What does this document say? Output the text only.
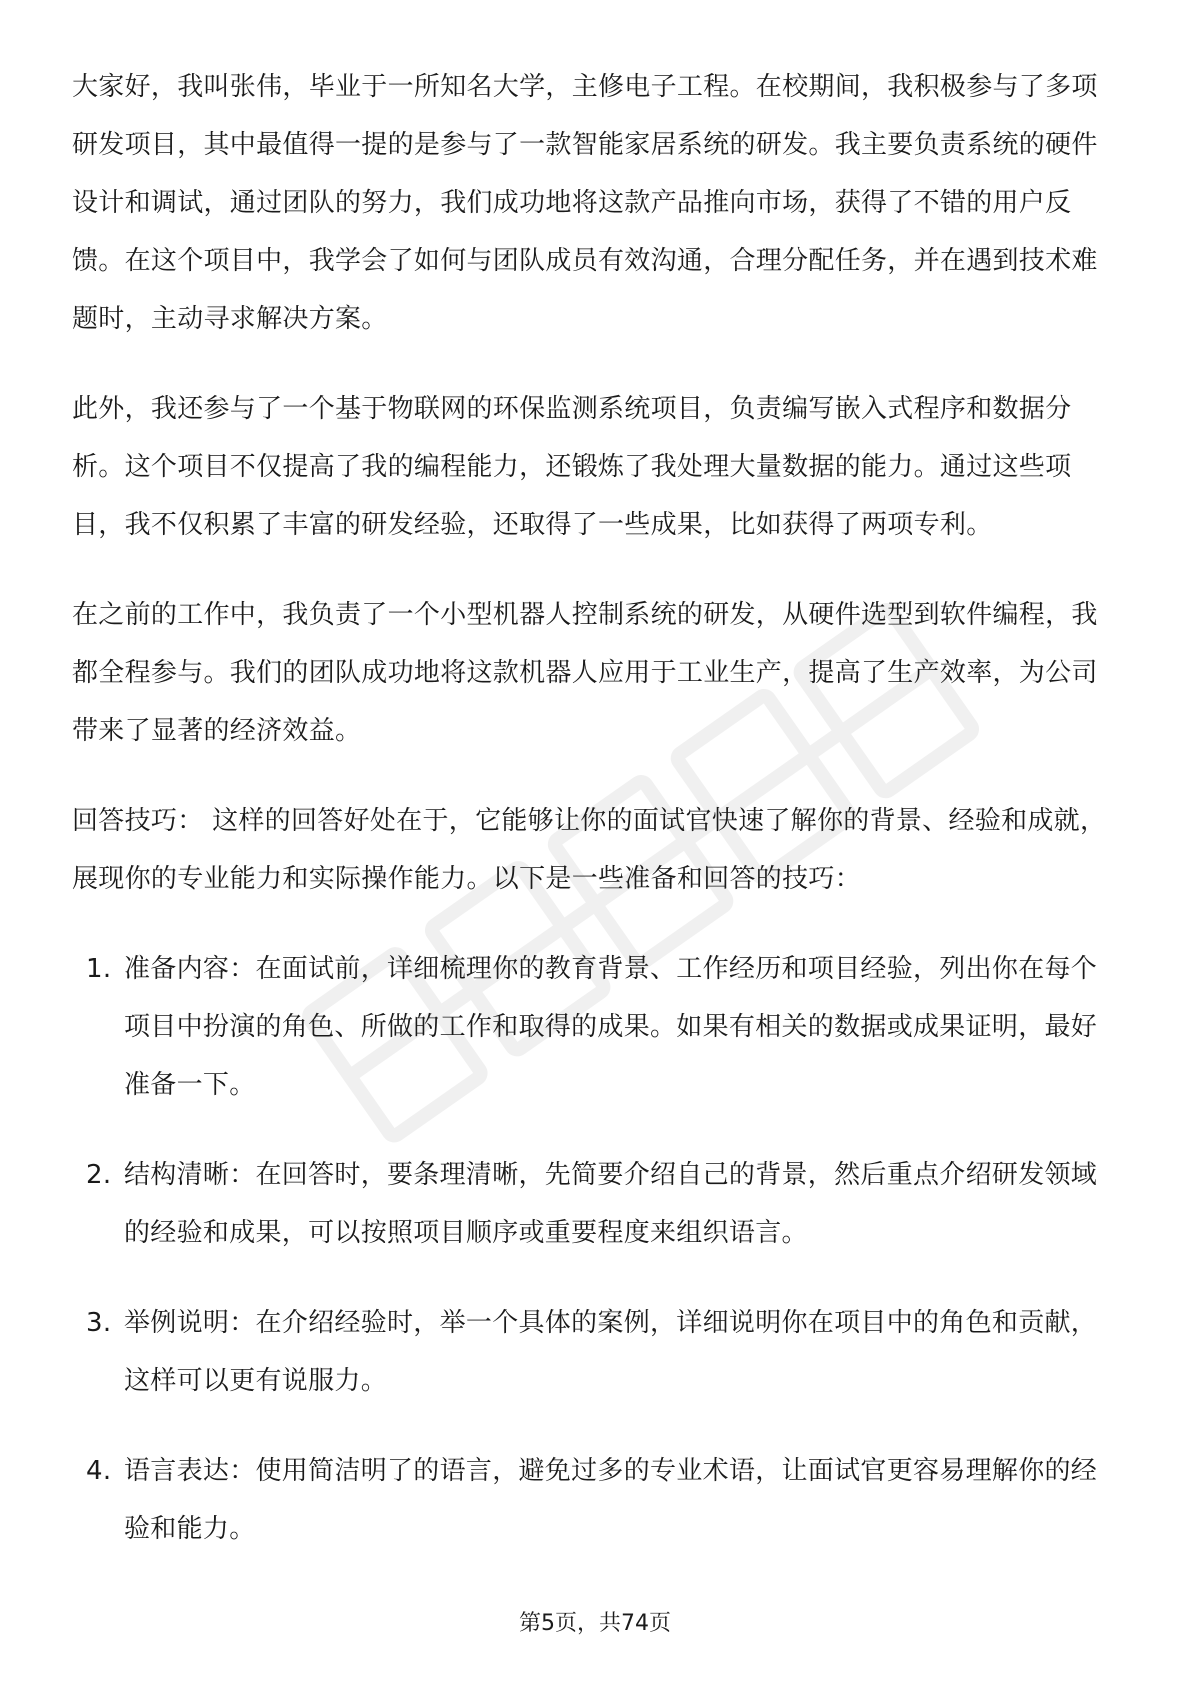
大家好，我叫张伟，毕业于一所知名大学，主修电子工程。在校期间，我积极参与了多项研发项目，其中最值得一提的是参与了一款智能家居系统的研发。我主要负责系统的硬件设计和调试，通过团队的努力，我们成功地将这款产品推向市场，获得了不错的用户反馈。在这个项目中，我学会了如何与团队成员有效沟通，合理分配任务，并在遇到技术难题时，主动寻求解决方案。

此外，我还参与了一个基于物联网的环保监测系统项目，负责编写嵌入式程序和数据分析。这个项目不仅提高了我的编程能力，还锻炼了我处理大量数据的能力。通过这些项目，我不仅积累了丰富的研发经验，还取得了一些成果，比如获得了两项专利。

在之前的工作中，我负责了一个小型机器人控制系统的研发，从硬件选型到软件编程，我都全程参与。我们的团队成功地将这款机器人应用于工业生产，提高了生产效率，为公司带来了显著的经济效益。

回答技巧： 这样的回答好处在于，它能够让你的面试官快速了解你的背景、经验和成就，展现你的专业能力和实际操作能力。以下是一些准备和回答的技巧：

1. 准备内容：在面试前，详细梳理你的教育背景、工作经历和项目经验，列出你在每个项目中扮演的角色、所做的工作和取得的成果。如果有相关的数据或成果证明，最好准备一下。
2. 结构清晰：在回答时，要条理清晰，先简要介绍自己的背景，然后重点介绍研发领域的经验和成果，可以按照项目顺序或重要程度来组织语言。
3. 举例说明：在介绍经验时，举一个具体的案例，详细说明你在项目中的角色和贡献，这样可以更有说服力。
4. 语言表达：使用简洁明了的语言，避免过多的专业术语，让面试官更容易理解你的经验和能力。
第5页，共74页
